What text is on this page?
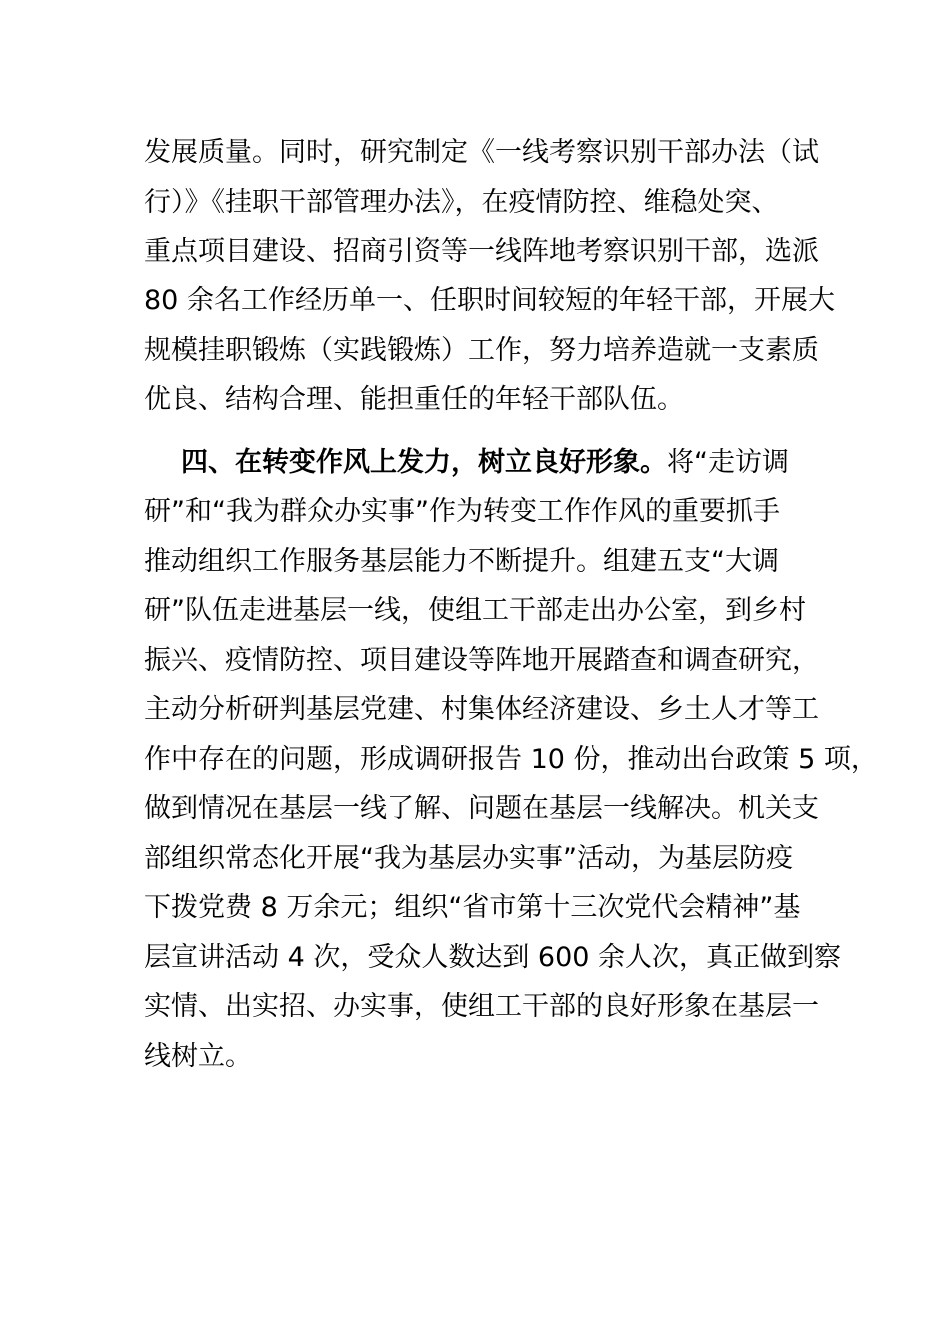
发展质量。同时，研究制定《一线考察识别干部办法（试
行）》《挂职干部管理办法》，在疫情防控、维稳处突、
重点项目建设、招商引资等一线阵地考察识别干部，选派
80 余名工作经历单一、任职时间较短的年轻干部，开展大
规模挂职锻炼（实践锻炼）工作，努力培养造就一支素质
优良、结构合理、能担重任的年轻干部队伍。
四、在转变作风上发力，树立良好形象。将“走访调
研”和“我为群众办实事”作为转变工作作风的重要抓手
推动组织工作服务基层能力不断提升。组建五支“大调
研”队伍走进基层一线，使组工干部走出办公室，到乡村
振兴、疫情防控、项目建设等阵地开展踏查和调查研究，
主动分析研判基层党建、村集体经济建设、乡土人才等工
作中存在的问题，形成调研报告 10 份，推动出台政策 5 项，
做到情况在基层一线了解、问题在基层一线解决。机关支
部组织常态化开展“我为基层办实事”活动，为基层防疫
下拨党费 8 万余元；组织“省市第十三次党代会精神”基
层宣讲活动 4 次，受众人数达到 600 余人次，真正做到察
实情、出实招、办实事，使组工干部的良好形象在基层一
线树立。
